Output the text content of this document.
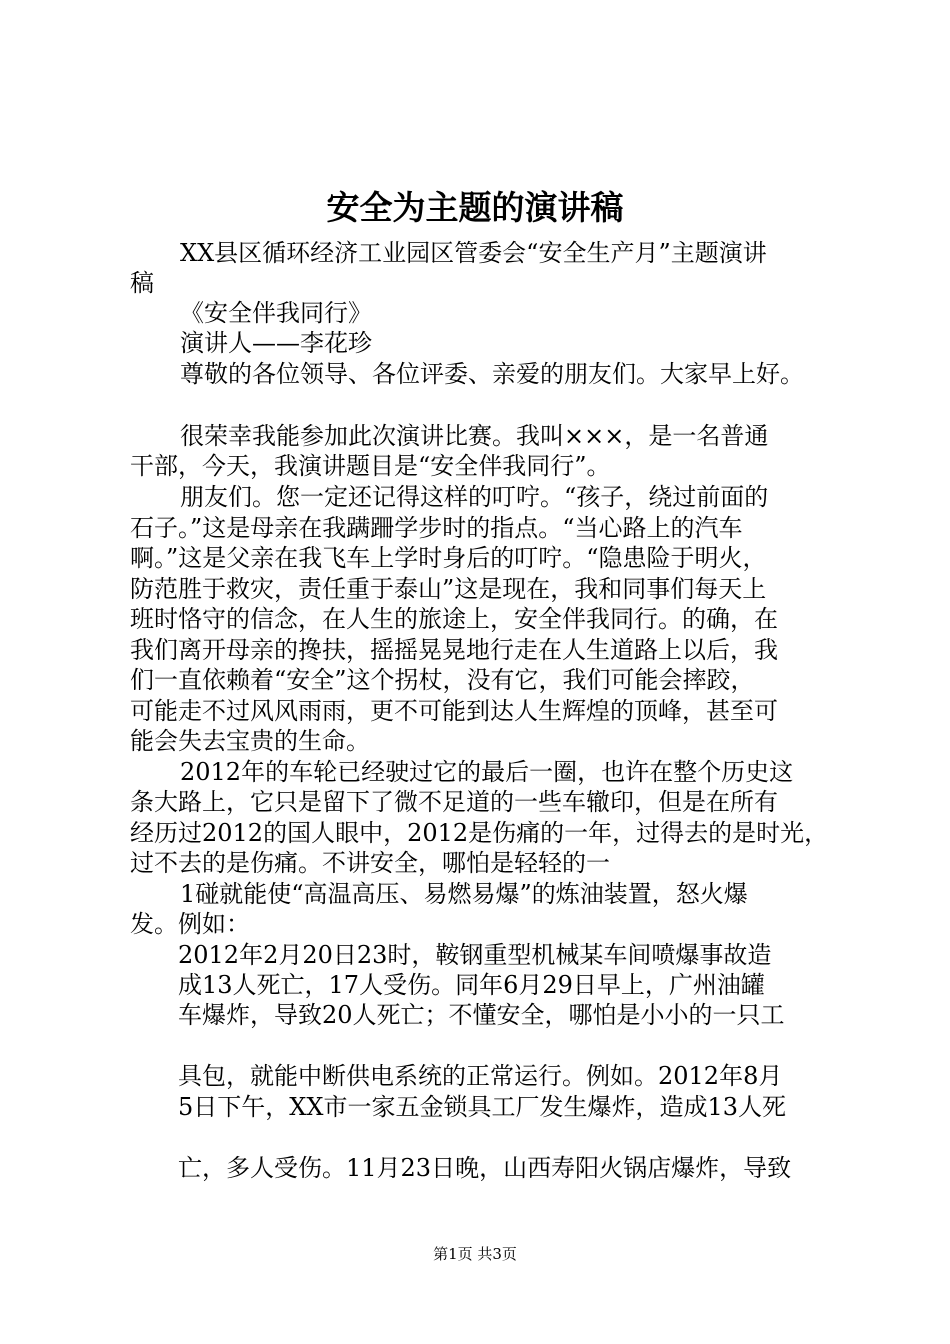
安全为主题的演讲稿
XX县区循环经济工业园区管委会“安全生产月”主题演讲
稿
《安全伴我同行》
演讲人——李花珍
尊敬的各位领导、各位评委、亲爱的朋友们。大家早上好。
很荣幸我能参加此次演讲比赛。我叫×××，是一名普通
干部，今天，我演讲题目是“安全伴我同行”。
朋友们。您一定还记得这样的叮咛。“孩子，绕过前面的
石子。”这是母亲在我蹒跚学步时的指点。“当心路上的汽车
啊。”这是父亲在我飞车上学时身后的叮咛。“隐患险于明火，
防范胜于救灾，责任重于泰山”这是现在，我和同事们每天上
班时恪守的信念，在人生的旅途上，安全伴我同行。的确，在
我们离开母亲的搀扶，摇摇晃晃地行走在人生道路上以后，我
们一直依赖着“安全”这个拐杖，没有它，我们可能会摔跤，
可能走不过风风雨雨，更不可能到达人生辉煌的顶峰，甚至可
能会失去宝贵的生命。
2012年的车轮已经驶过它的最后一圈，也许在整个历史这
条大路上，它只是留下了微不足道的一些车辙印，但是在所有
经历过2012的国人眼中，2012是伤痛的一年，过得去的是时光，
过不去的是伤痛。不讲安全，哪怕是轻轻的一
1碰就能使“高温高压、易燃易爆”的炼油装置，怒火爆
发。例如：
2012年2月20日23时，鞍钢重型机械某车间喷爆事故造
成13人死亡，17人受伤。同年6月29日早上，广州油罐
车爆炸，导致20人死亡；不懂安全，哪怕是小小的一只工
具包，就能中断供电系统的正常运行。例如。2012年8月
5日下午，XX市一家五金锁具工厂发生爆炸，造成13人死
亡，多人受伤。11月23日晚，山西寿阳火锅店爆炸，导致
第1页 共3页
